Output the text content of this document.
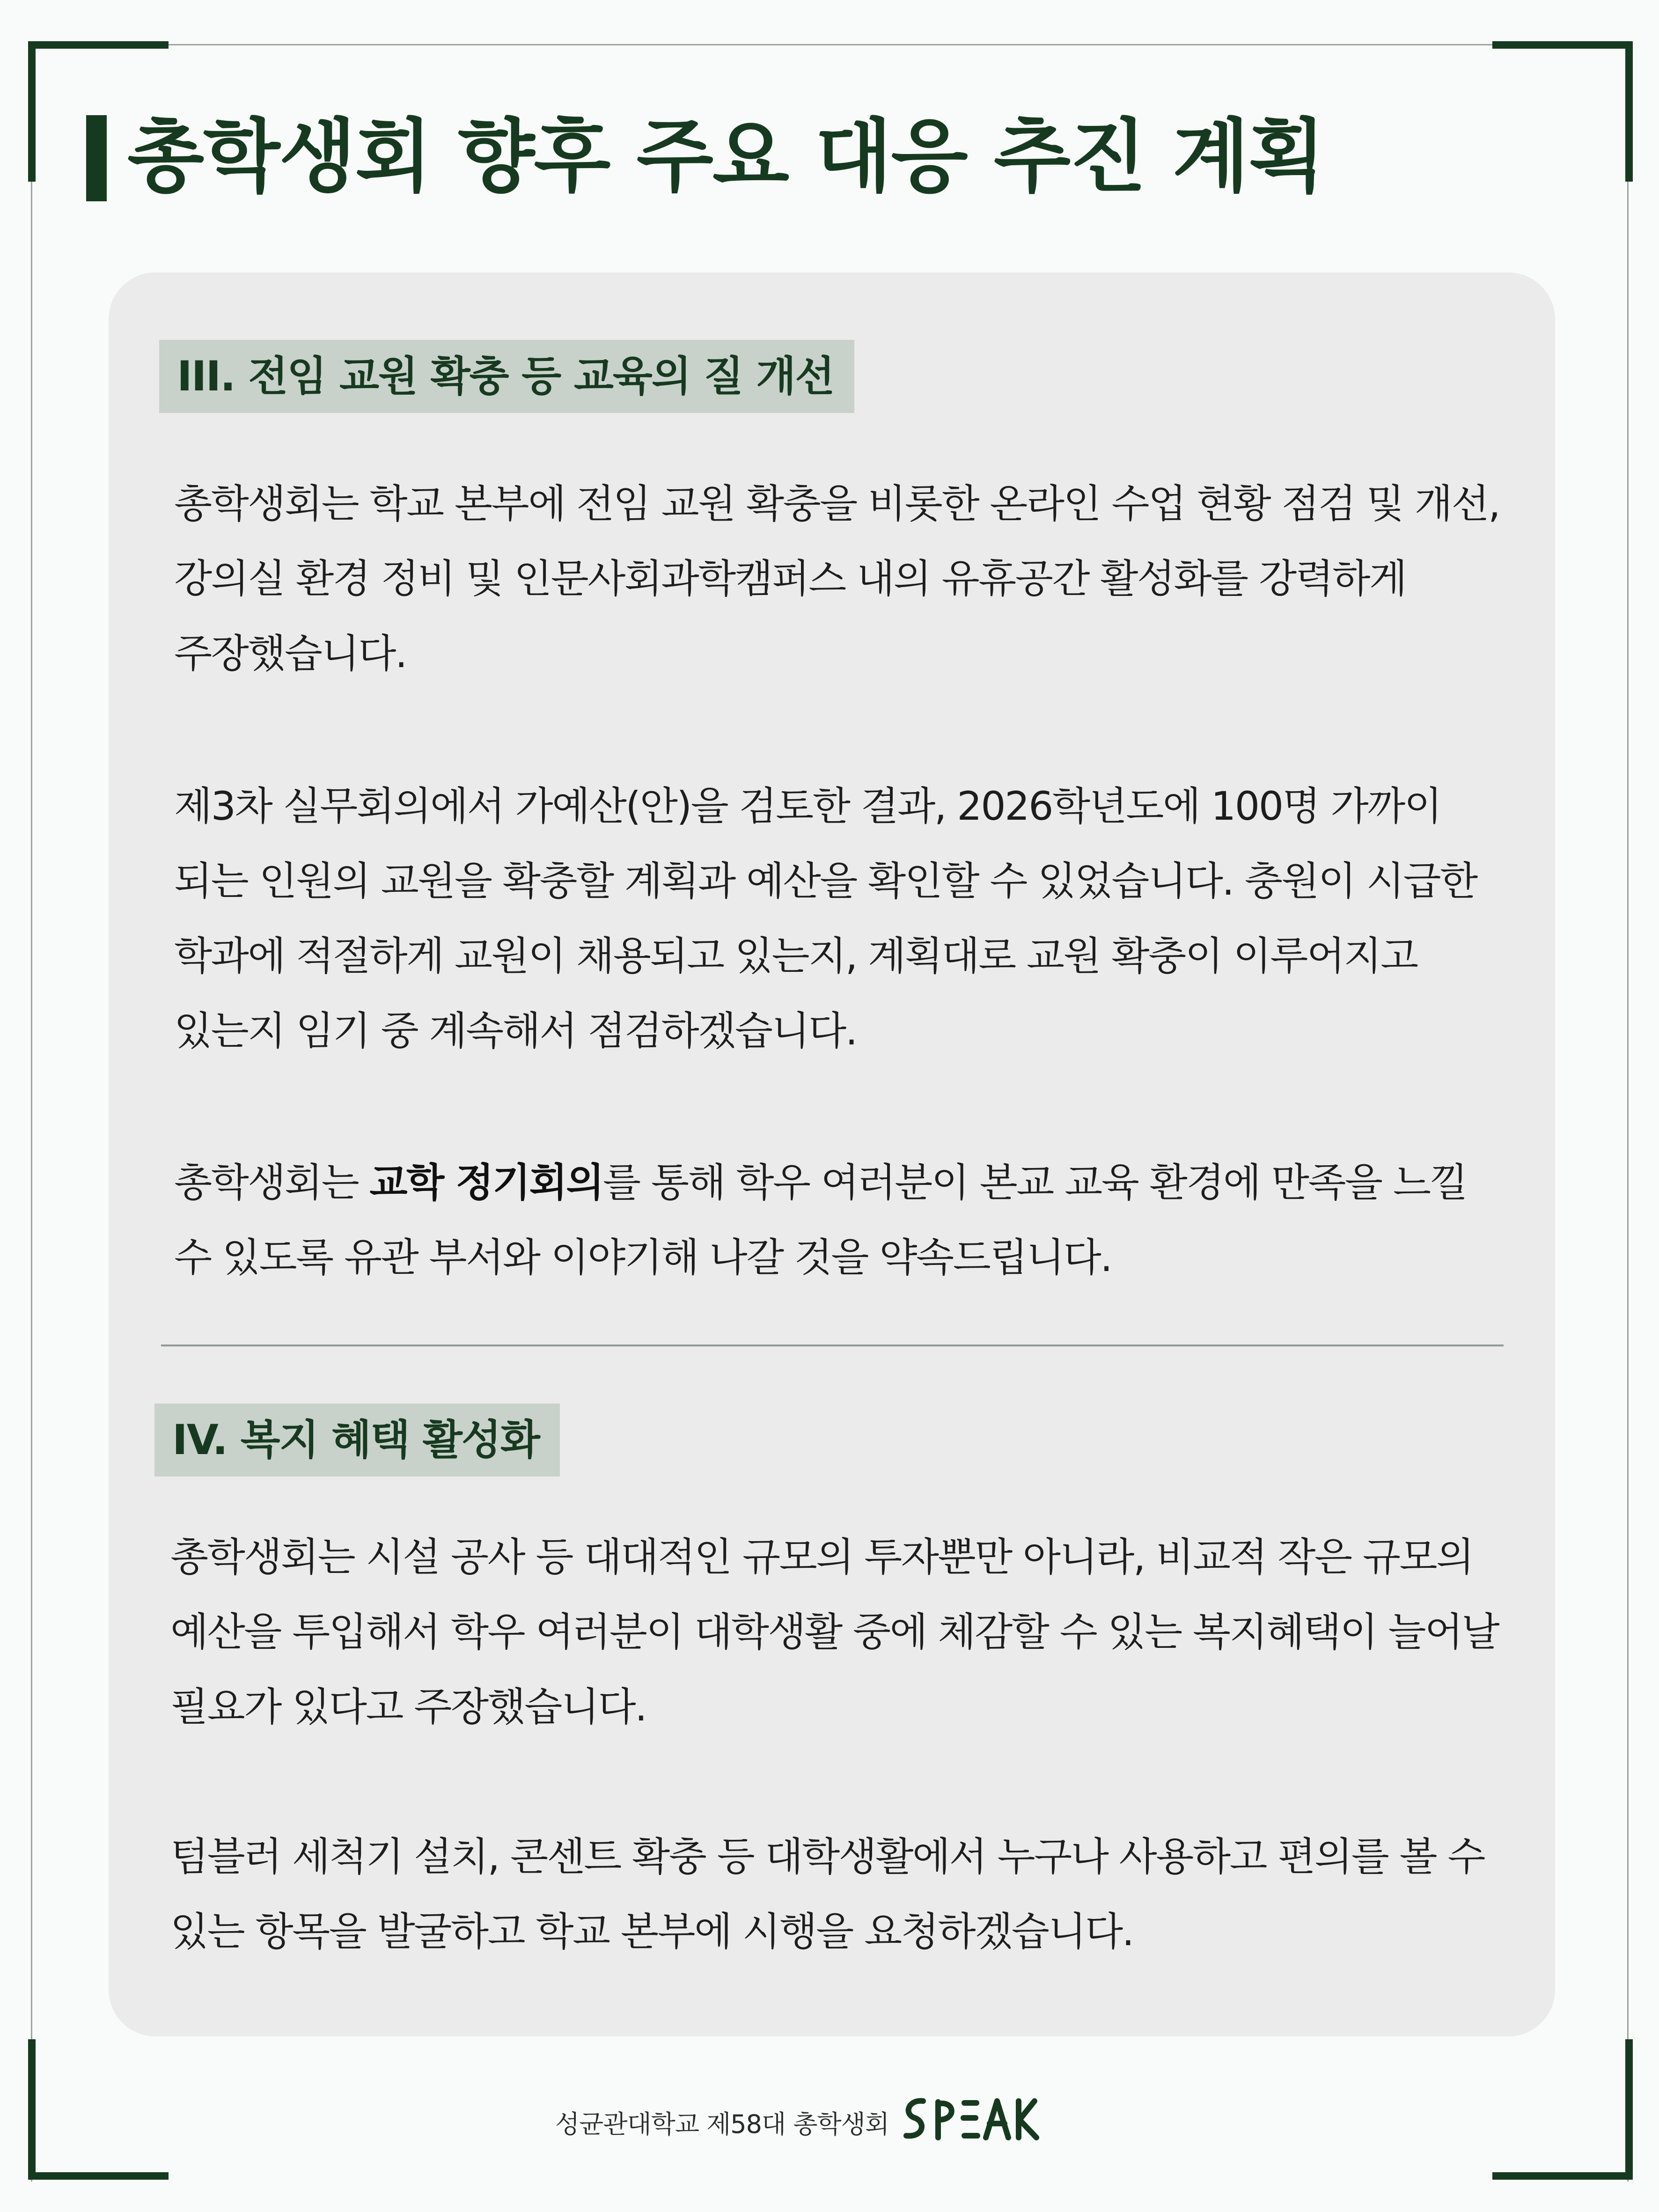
총학생회 향후 주요 대응 추진 계획
III. 전임 교원 확충 등 교육의 질 개선

총학생회는 학교 본부에 전임 교원 확충을 비롯한 온라인 수업 현황 점검 및 개선,
강의실 환경 정비 및 인문사회과학캠퍼스 내의 유휴공간 활성화를 강력하게
주장했습니다.

제3차 실무회의에서 가예산(안)을 검토한 결과, 2026학년도에 100명 가까이
되는 인원의 교원을 확충할 계획과 예산을 확인할 수 있었습니다. 충원이 시급한
학과에 적절하게 교원이 채용되고 있는지, 계획대로 교원 확충이 이루어지고
있는지 임기 중 계속해서 점검하겠습니다.

총학생회는 교학 정기회의를 통해 학우 여러분이 본교 교육 환경에 만족을 느낄
수 있도록 유관 부서와 이야기해 나갈 것을 약속드립니다.

IV. 복지 혜택 활성화

총학생회는 시설 공사 등 대대적인 규모의 투자뿐만 아니라, 비교적 작은 규모의
예산을 투입해서 학우 여러분이 대학생활 중에 체감할 수 있는 복지혜택이 늘어날
필요가 있다고 주장했습니다.

텀블러 세척기 설치, 콘센트 확충 등 대학생활에서 누구나 사용하고 편의를 볼 수
있는 항목을 발굴하고 학교 본부에 시행을 요청하겠습니다.

성균관대학교 제58대 총학생회
